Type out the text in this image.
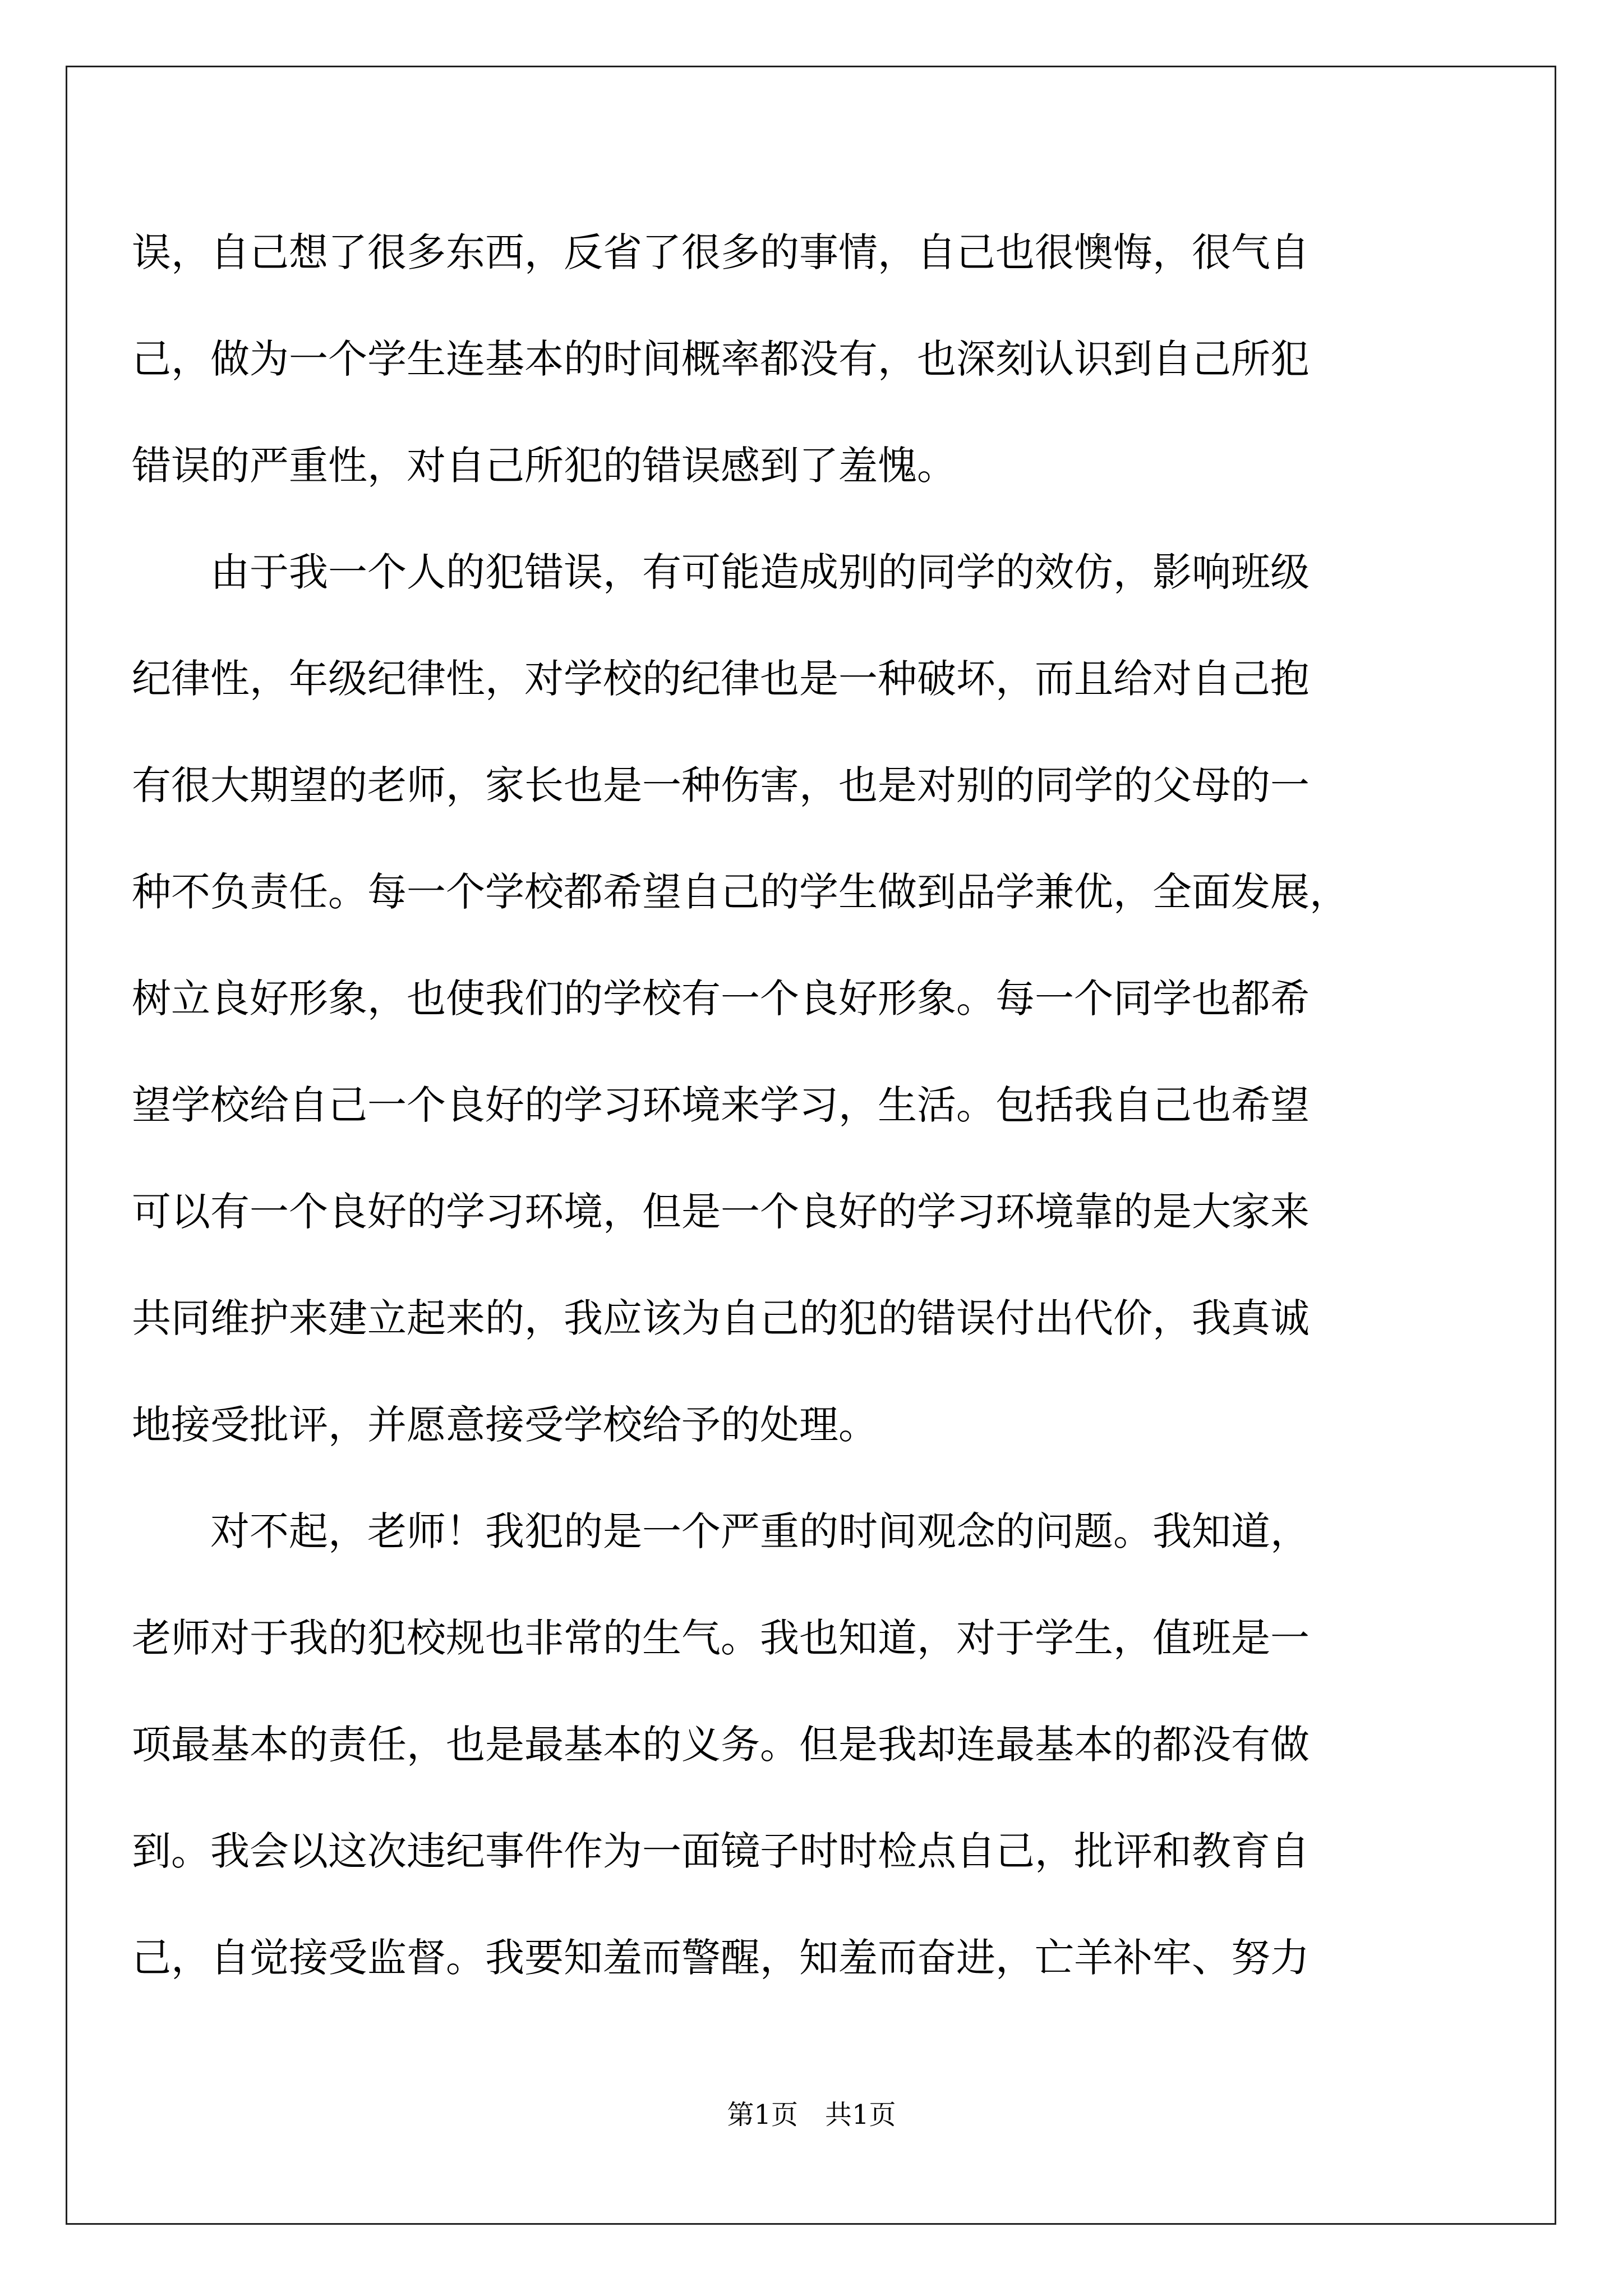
误，自己想了很多东西，反省了很多的事情，自己也很懊悔，很气自
己，做为一个学生连基本的时间概率都没有，也深刻认识到自己所犯
错误的严重性，对自己所犯的错误感到了羞愧。
　　由于我一个人的犯错误，有可能造成别的同学的效仿，影响班级
纪律性，年级纪律性，对学校的纪律也是一种破坏，而且给对自己抱
有很大期望的老师，家长也是一种伤害，也是对别的同学的父母的一
种不负责任。每一个学校都希望自己的学生做到品学兼优，全面发展，
树立良好形象，也使我们的学校有一个良好形象。每一个同学也都希
望学校给自己一个良好的学习环境来学习，生活。包括我自己也希望
可以有一个良好的学习环境，但是一个良好的学习环境靠的是大家来
共同维护来建立起来的，我应该为自己的犯的错误付出代价，我真诚
地接受批评，并愿意接受学校给予的处理。
　　对不起，老师！我犯的是一个严重的时间观念的问题。我知道，
老师对于我的犯校规也非常的生气。我也知道，对于学生，值班是一
项最基本的责任，也是最基本的义务。但是我却连最基本的都没有做
到。我会以这次违纪事件作为一面镜子时时检点自己，批评和教育自
己，自觉接受监督。我要知羞而警醒，知羞而奋进，亡羊补牢、努力
第1页　共1页
